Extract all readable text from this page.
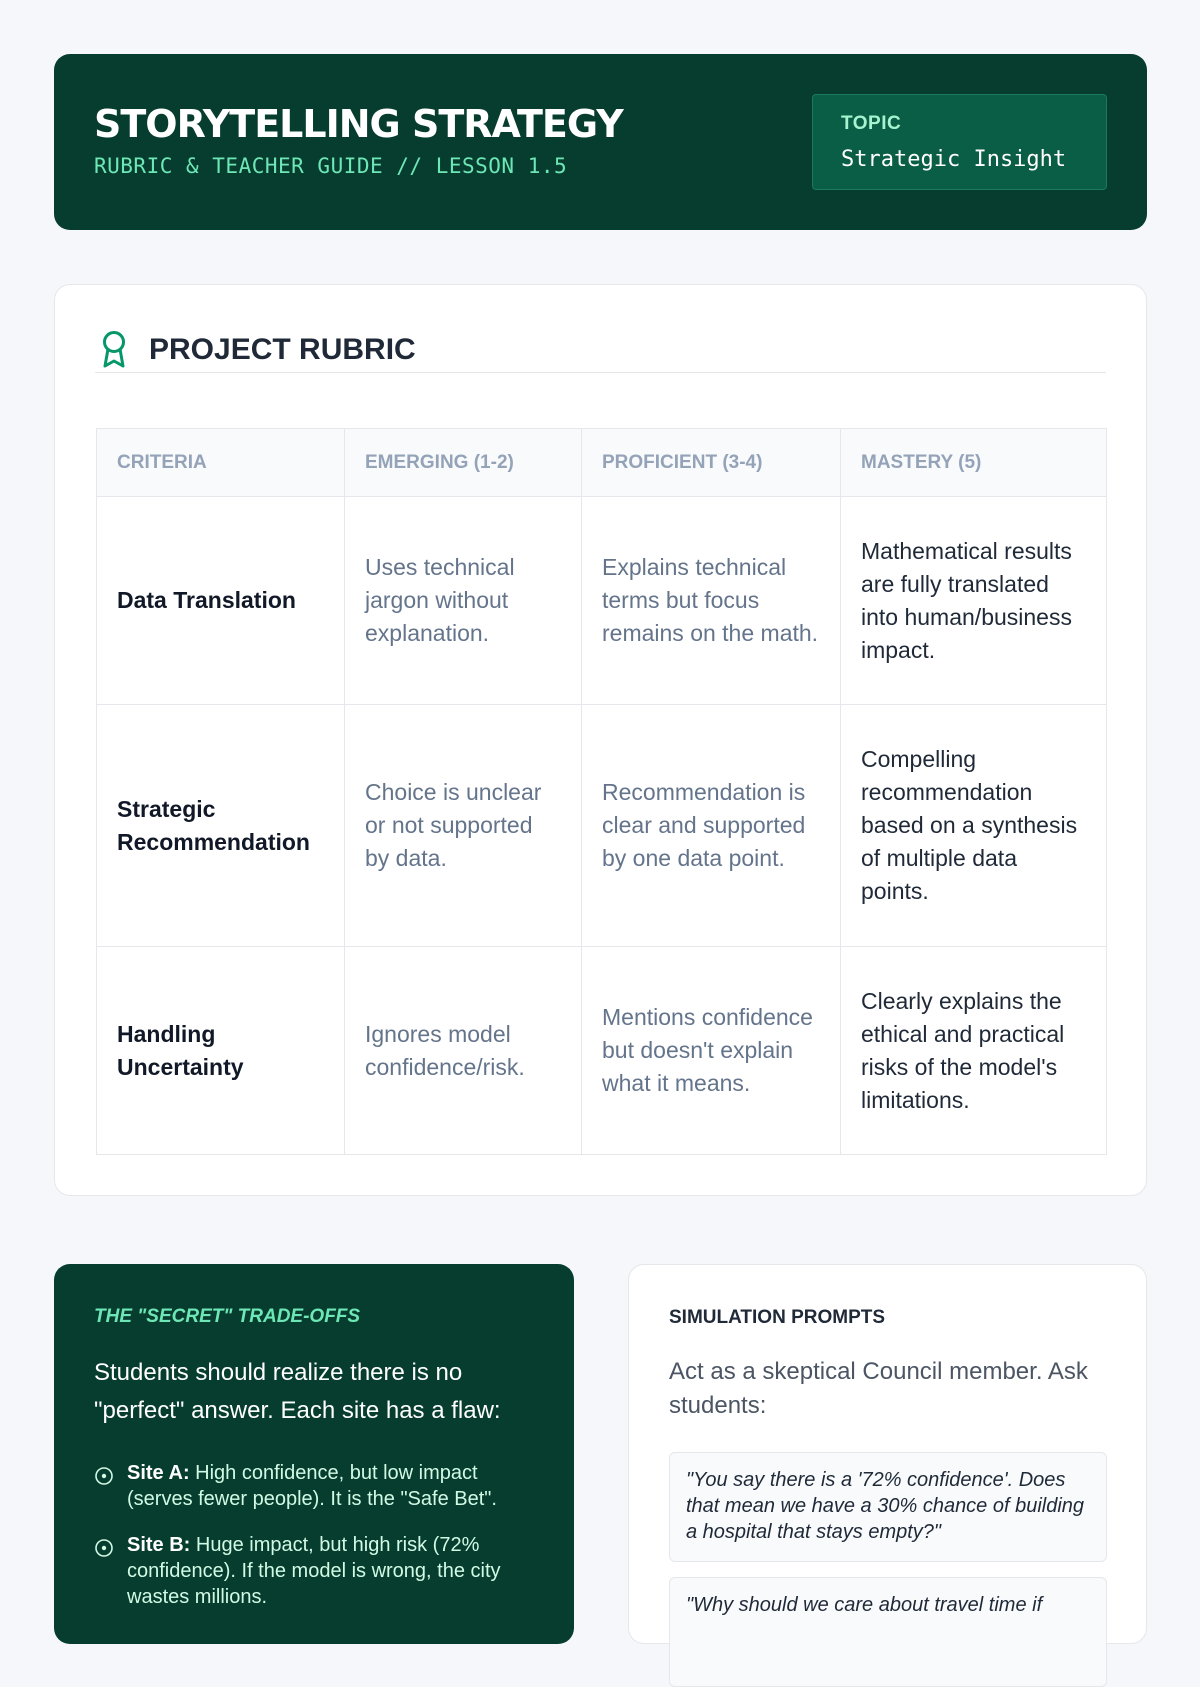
STORYTELLING STRATEGY
RUBRIC & TEACHER GUIDE // LESSON 1.5
TOPIC
Strategic Insight
PROJECT RUBRIC
CRITERIA	EMERGING (1-2)	PROFICIENT (3-4)	MASTERY (5)
Data Translation	Uses technical jargon without explanation.	Explains technical terms but focus remains on the math.	Mathematical results are fully translated into human/business impact.
Strategic Recommendation	Choice is unclear or not supported by data.	Recommendation is clear and supported by one data point.	Compelling recommendation based on a synthesis of multiple data points.
Handling Uncertainty	Ignores model confidence/risk.	Mentions confidence but doesn't explain what it means.	Clearly explains the ethical and practical risks of the model's limitations.
THE "SECRET" TRADE-OFFS
Students should realize there is no "perfect" answer. Each site has a flaw:
Site A: High confidence, but low impact (serves fewer people). It is the "Safe Bet".
Site B: Huge impact, but high risk (72% confidence). If the model is wrong, the city wastes millions.
SIMULATION PROMPTS
Act as a skeptical Council member. Ask students:
"You say there is a '72% confidence'. Does that mean we have a 30% chance of building a hospital that stays empty?"
"Why should we care about travel time if
